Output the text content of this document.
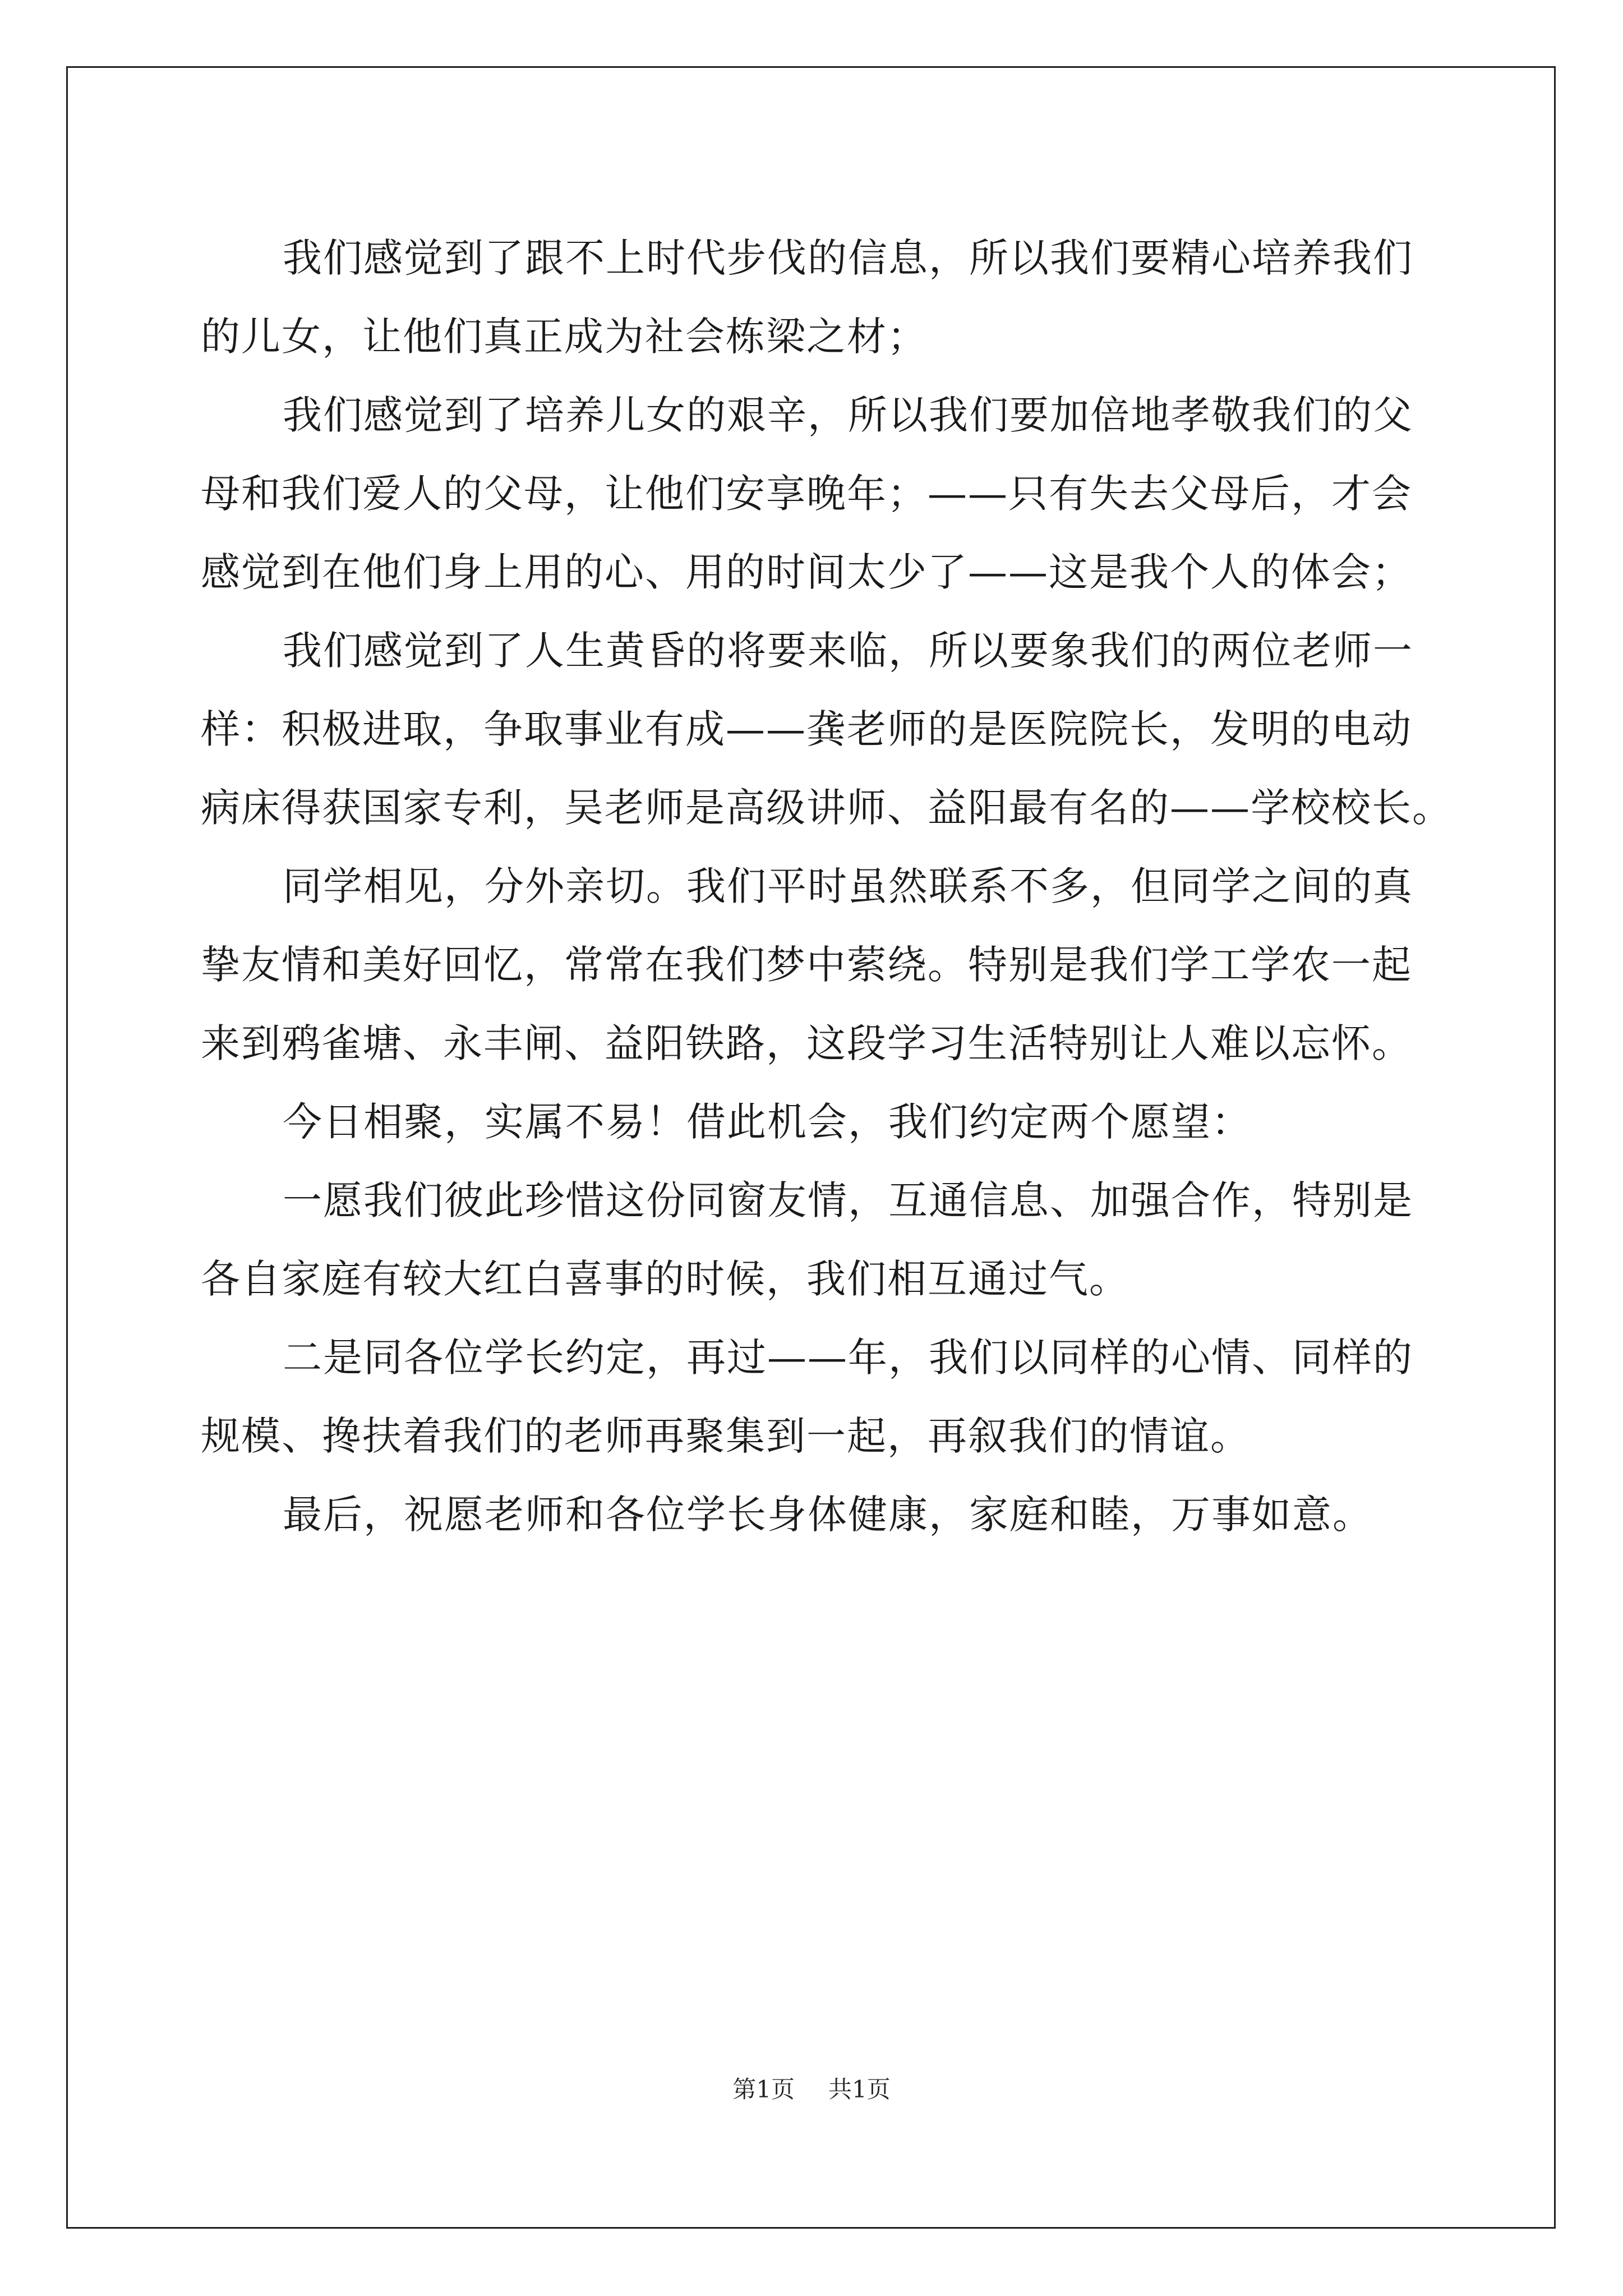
我们感觉到了跟不上时代步伐的信息，所以我们要精心培养我们
的儿女，让他们真正成为社会栋梁之材；
我们感觉到了培养儿女的艰辛，所以我们要加倍地孝敬我们的父
母和我们爱人的父母，让他们安享晚年；——只有失去父母后，才会
感觉到在他们身上用的心、用的时间太少了——这是我个人的体会；
我们感觉到了人生黄昏的将要来临，所以要象我们的两位老师一
样：积极进取，争取事业有成——龚老师的是医院院长，发明的电动
病床得获国家专利，吴老师是高级讲师、益阳最有名的——学校校长。
同学相见，分外亲切。我们平时虽然联系不多，但同学之间的真
挚友情和美好回忆，常常在我们梦中萦绕。特别是我们学工学农一起
来到鸦雀塘、永丰闸、益阳铁路，这段学习生活特别让人难以忘怀。
今日相聚，实属不易！借此机会，我们约定两个愿望：
一愿我们彼此珍惜这份同窗友情，互通信息、加强合作，特别是
各自家庭有较大红白喜事的时候，我们相互通过气。
二是同各位学长约定，再过——年，我们以同样的心情、同样的
规模、搀扶着我们的老师再聚集到一起，再叙我们的情谊。
最后，祝愿老师和各位学长身体健康，家庭和睦，万事如意。
第1页 共1页
